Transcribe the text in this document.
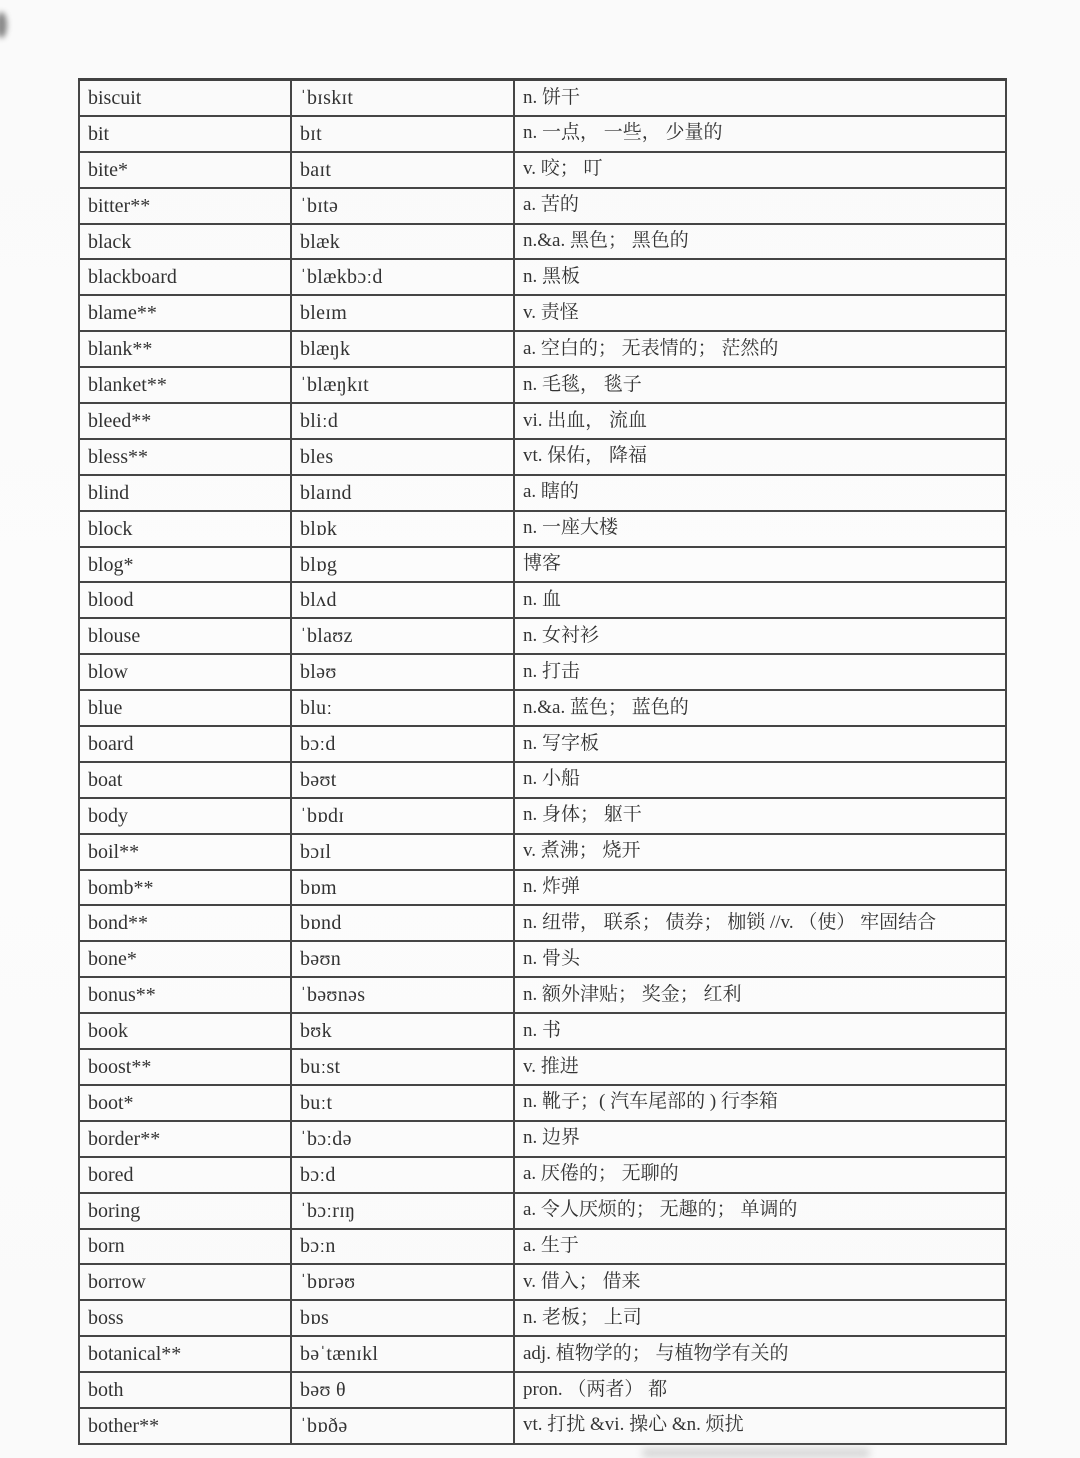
biscuit	ˈbɪskɪt	n. 饼干
bit	bɪt	n. 一点， 一些， 少量的
bite*	baɪt	v. 咬； 叮
bitter**	ˈbɪtə	a. 苦的
black	blæk	n.&a. 黑色； 黑色的
blackboard	ˈblækbɔːd	n. 黑板
blame**	bleɪm	v. 责怪
blank**	blæŋk	a. 空白的； 无表情的； 茫然的
blanket**	ˈblæŋkɪt	n. 毛毯， 毯子
bleed**	bliːd	vi. 出血， 流血
bless**	bles	vt. 保佑， 降福
blind	blaɪnd	a. 瞎的
block	blɒk	n. 一座大楼
blog*	blɒg	博客
blood	blʌd	n. 血
blouse	ˈblaʊz	n. 女衬衫
blow	bləʊ	n. 打击
blue	bluː	n.&a. 蓝色； 蓝色的
board	bɔːd	n. 写字板
boat	bəʊt	n. 小船
body	ˈbɒdɪ	n. 身体； 躯干
boil**	bɔɪl	v. 煮沸； 烧开
bomb**	bɒm	n. 炸弹
bond**	bɒnd	n. 纽带， 联系； 债券； 枷锁 //v. （使） 牢固结合
bone*	bəʊn	n. 骨头
bonus**	ˈbəʊnəs	n. 额外津贴； 奖金； 红利
book	bʊk	n. 书
boost**	buːst	v. 推进
boot*	buːt	n. 靴子；( 汽车尾部的 ) 行李箱
border**	ˈbɔːdə	n. 边界
bored	bɔːd	a. 厌倦的； 无聊的
boring	ˈbɔːrɪŋ	a. 令人厌烦的； 无趣的； 单调的
born	bɔːn	a. 生于
borrow	ˈbɒrəʊ	v. 借入； 借来
boss	bɒs	n. 老板； 上司
botanical**	bəˈtænɪkl	adj. 植物学的； 与植物学有关的
both	bəʊ θ	pron. （两者） 都
bother**	ˈbɒðə	vt. 打扰 &vi. 操心 &n. 烦扰
